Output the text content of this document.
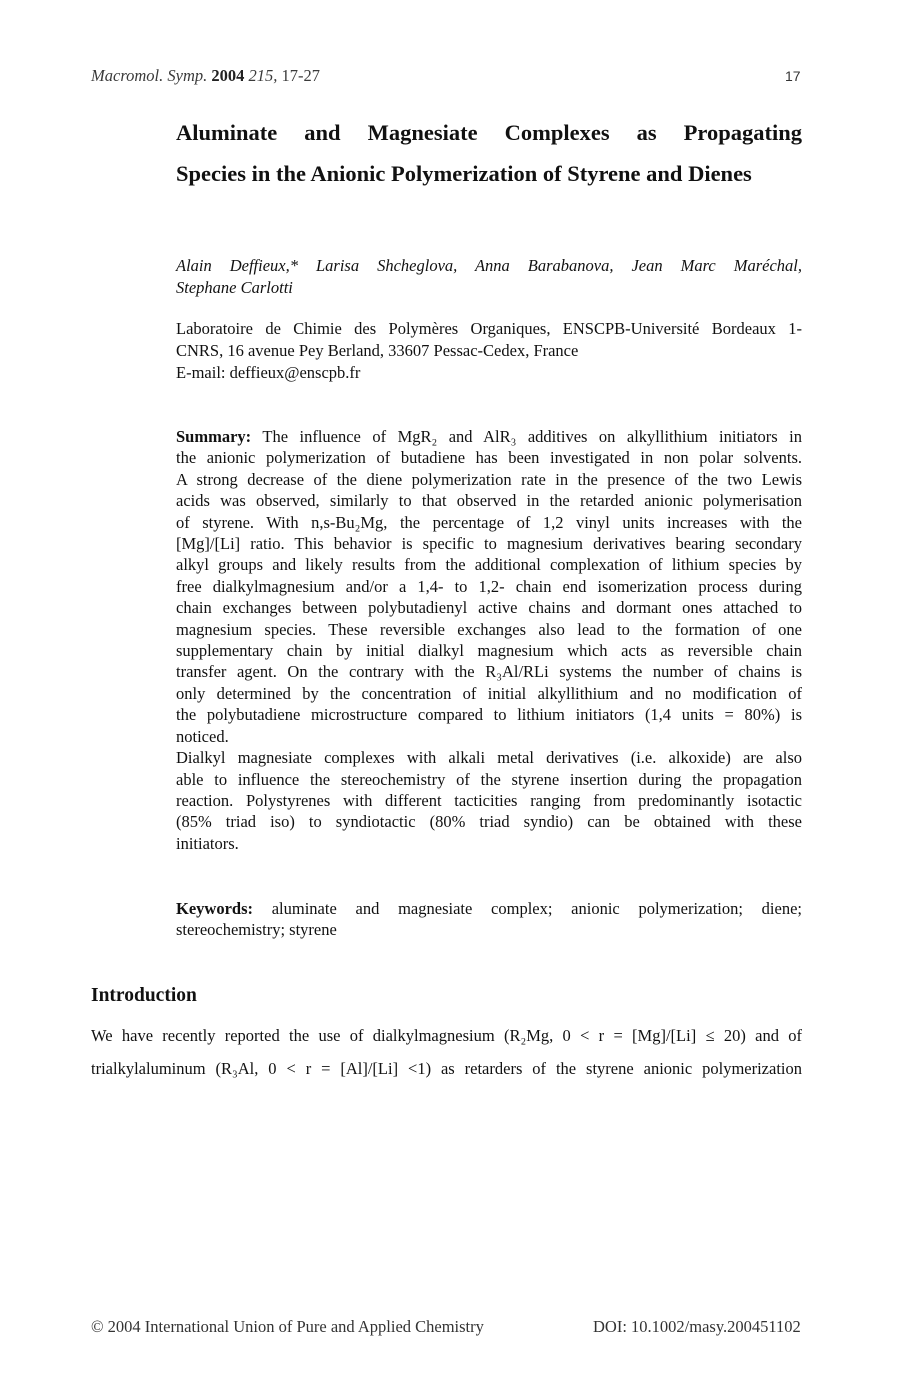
Macromol. Symp. 2004 215, 17-27	17
Aluminate and Magnesiate Complexes as Propagating
Species in the Anionic Polymerization of Styrene and Dienes
Alain Deffieux,* Larisa Shcheglova, Anna Barabanova, Jean Marc Maréchal,
Stephane Carlotti
Laboratoire de Chimie des Polymères Organiques, ENSCPB-Université Bordeaux 1-
CNRS, 16 avenue Pey Berland, 33607 Pessac-Cedex, France
E-mail: deffieux@enscpb.fr
Summary: The influence of MgR₂ and AlR₃ additives on alkyllithium initiators in
the anionic polymerization of butadiene has been investigated in non polar solvents.
A strong decrease of the diene polymerization rate in the presence of the two Lewis
acids was observed, similarly to that observed in the retarded anionic polymerisation
of styrene. With n,s-Bu₂Mg, the percentage of 1,2 vinyl units increases with the
[Mg]/[Li] ratio. This behavior is specific to magnesium derivatives bearing secondary
alkyl groups and likely results from the additional complexation of lithium species by
free dialkylmagnesium and/or a 1,4- to 1,2- chain end isomerization process during
chain exchanges between polybutadienyl active chains and dormant ones attached to
magnesium species. These reversible exchanges also lead to the formation of one
supplementary chain by initial dialkyl magnesium which acts as reversible chain
transfer agent. On the contrary with the R₃Al/RLi systems the number of chains is
only determined by the concentration of initial alkyllithium and no modification of
the polybutadiene microstructure compared to lithium initiators (1,4 units = 80%) is
noticed.
Dialkyl magnesiate complexes with alkali metal derivatives (i.e. alkoxide) are also
able to influence the stereochemistry of the styrene insertion during the propagation
reaction. Polystyrenes with different tacticities ranging from predominantly isotactic
(85% triad iso) to syndiotactic (80% triad syndio) can be obtained with these
initiators.
Keywords: aluminate and magnesiate complex; anionic polymerization; diene;
stereochemistry; styrene
Introduction
We have recently reported the use of dialkylmagnesium (R₂Mg, 0 < r = [Mg]/[Li] ≤ 20) and of
trialkylaluminum (R₃Al, 0 < r = [Al]/[Li] <1) as retarders of the styrene anionic polymerization
© 2004 International Union of Pure and Applied Chemistry	DOI: 10.1002/masy.200451102
